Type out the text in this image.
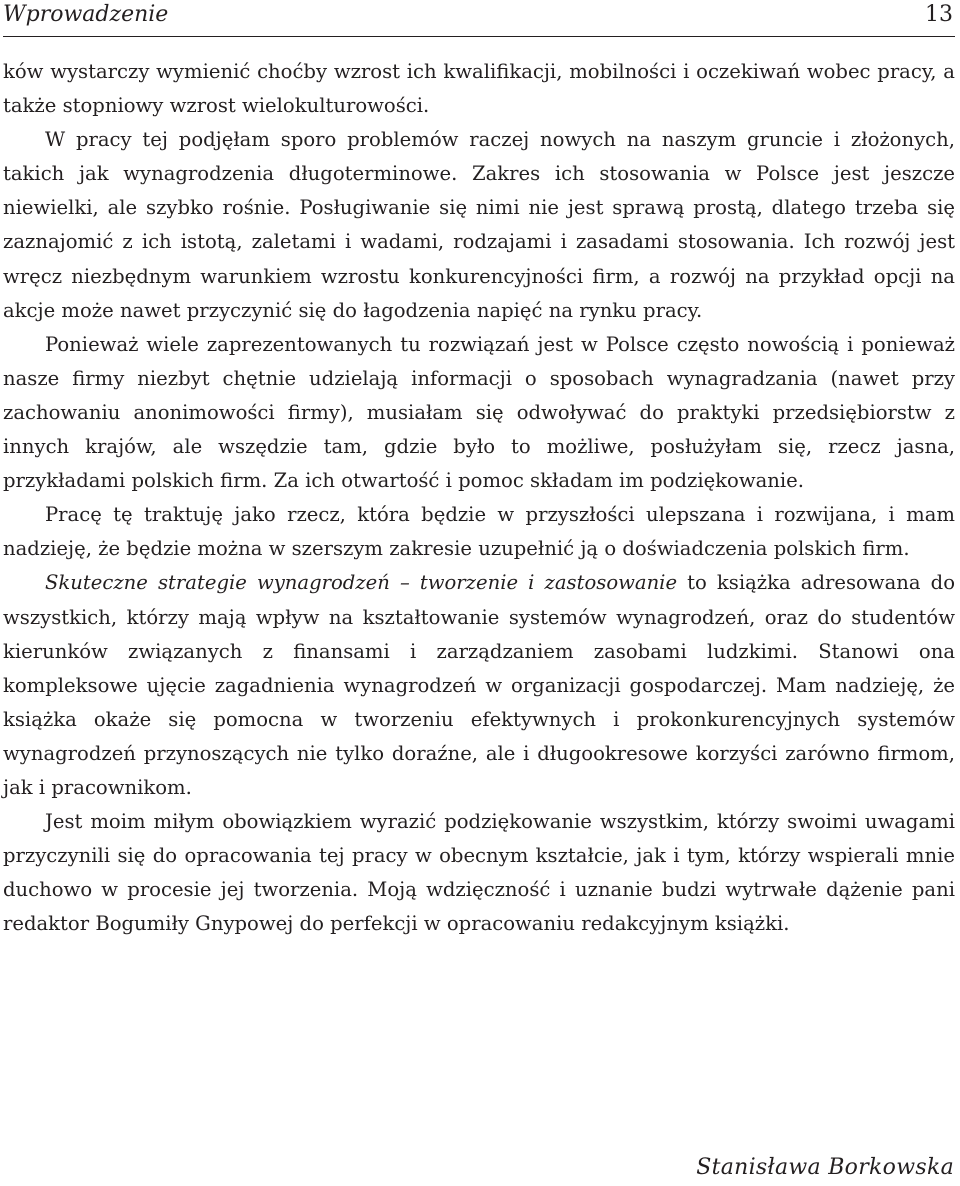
Wprowadzenie	13

ków wystarczy wymienić choćby wzrost ich kwalifikacji, mobilności i oczekiwań wobec pracy, a także stopniowy wzrost wielokulturowości.

W pracy tej podjęłam sporo problemów raczej nowych na naszym gruncie i złożonych, takich jak wynagrodzenia długoterminowe. Zakres ich stosowania w Polsce jest jeszcze niewielki, ale szybko rośnie. Posługiwanie się nimi nie jest sprawą prostą, dlatego trzeba się zaznajomić z ich istotą, zaletami i wadami, rodzajami i zasadami stosowania. Ich rozwój jest wręcz niezbędnym warunkiem wzrostu konkurencyjności firm, a rozwój na przykład opcji na akcje może nawet przyczynić się do łagodzenia napięć na rynku pracy.

Ponieważ wiele zaprezentowanych tu rozwiązań jest w Polsce często nowością i ponieważ nasze firmy niezbyt chętnie udzielają informacji o sposobach wynagradzania (nawet przy zachowaniu anonimowości firmy), musiałam się odwoływać do praktyki przedsiębiorstw z innych krajów, ale wszędzie tam, gdzie było to możliwe, posłużyłam się, rzecz jasna, przykładami polskich firm. Za ich otwartość i pomoc składam im podziękowanie.

Pracę tę traktuję jako rzecz, która będzie w przyszłości ulepszana i rozwijana, i mam nadzieję, że będzie można w szerszym zakresie uzupełnić ją o doświadczenia polskich firm.

Skuteczne strategie wynagrodzeń – tworzenie i zastosowanie to książka adresowana do wszystkich, którzy mają wpływ na kształtowanie systemów wynagrodzeń, oraz do studentów kierunków związanych z finansami i zarządzaniem zasobami ludzkimi. Stanowi ona kompleksowe ujęcie zagadnienia wynagrodzeń w organizacji gospodarczej. Mam nadzieję, że książka okaże się pomocna w tworzeniu efektywnych i prokonkurencyjnych systemów wynagrodzeń przynoszących nie tylko doraźne, ale i długookresowe korzyści zarówno firmom, jak i pracownikom.

Jest moim miłym obowiązkiem wyrazić podziękowanie wszystkim, którzy swoimi uwagami przyczynili się do opracowania tej pracy w obecnym kształcie, jak i tym, którzy wspierali mnie duchowo w procesie jej tworzenia. Moją wdzięczność i uznanie budzi wytrwałe dążenie pani redaktor Bogumiły Gnypowej do perfekcji w opracowaniu redakcyjnym książki.

Stanisława Borkowska
